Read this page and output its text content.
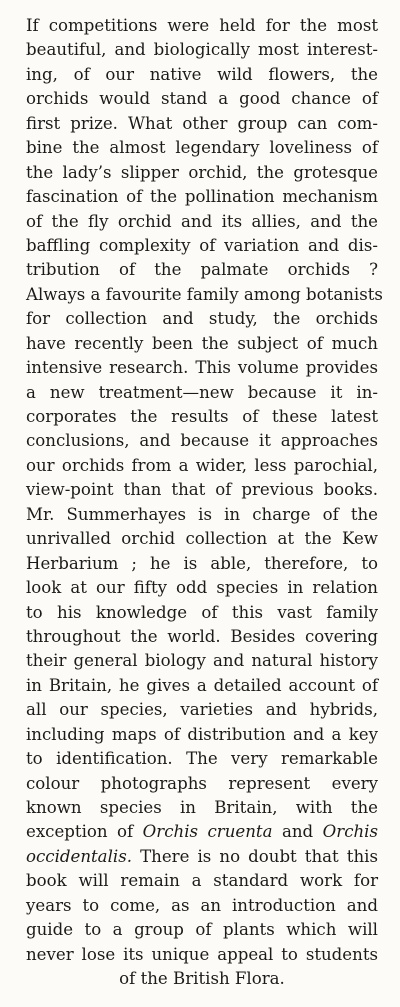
If competitions were held for the most
beautiful, and biologically most interest-
ing, of our native wild flowers, the
orchids would stand a good chance of
first prize. What other group can com-
bine the almost legendary loveliness of
the lady’s slipper orchid, the grotesque
fascination of the pollination mechanism
of the fly orchid and its allies, and the
baffling complexity of variation and dis-
tribution of the palmate orchids ?
Always a favourite family among botanists
for collection and study, the orchids
have recently been the subject of much
intensive research. This volume provides
a new treatment—new because it in-
corporates the results of these latest
conclusions, and because it approaches
our orchids from a wider, less parochial,
view-point than that of previous books.
Mr. Summerhayes is in charge of the
unrivalled orchid collection at the Kew
Herbarium ; he is able, therefore, to
look at our fifty odd species in relation
to his knowledge of this vast family
throughout the world. Besides covering
their general biology and natural history
in Britain, he gives a detailed account of
all our species, varieties and hybrids,
including maps of distribution and a key
to identification. The very remarkable
colour photographs represent every
known species in Britain, with the
exception of Orchis cruenta and Orchis
occidentalis. There is no doubt that this
book will remain a standard work for
years to come, as an introduction and
guide to a group of plants which will
never lose its unique appeal to students
of the British Flora.
